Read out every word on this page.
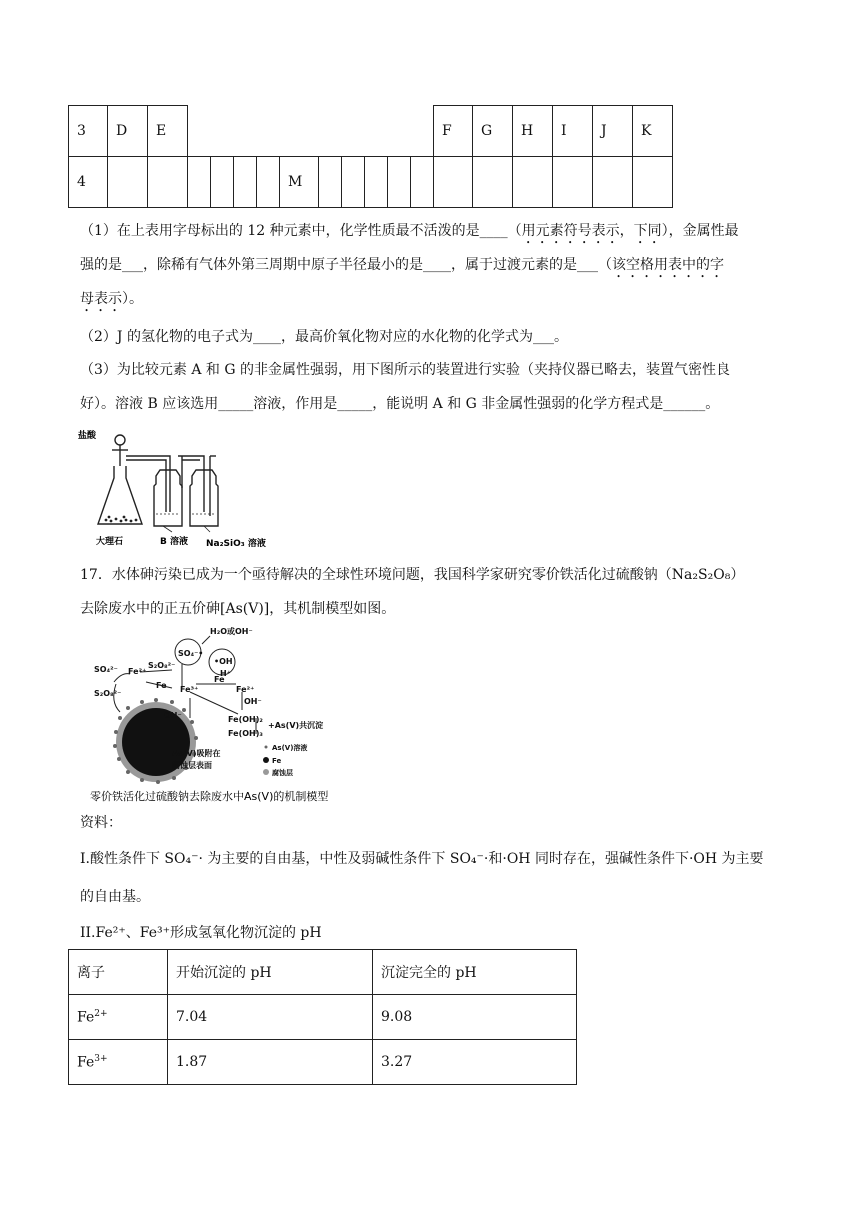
3	D	E											F	G	H	I	J	K
4							M											
（1）在上表用字母标出的 12 种元素中，化学性质最不活泼的是____（用元素符号表示，下同），金属性最
强的是___，除稀有气体外第三周期中原子半径最小的是____，属于过渡元素的是___（该空格用表中的字
母表示）。
（2）J 的氢化物的电子式为____，最高价氧化物对应的水化物的化学式为___。
（3）为比较元素 A 和 G 的非金属性强弱，用下图所示的装置进行实验（夹持仪器已略去，装置气密性良
好）。溶液 B 应该选用_____溶液，作用是_____，能说明 A 和 G 非金属性强弱的化学方程式是______。
盐酸
大理石	B 溶液 Na₂SiO₃ 溶液
17．水体砷污染已成为一个亟待解决的全球性环境问题，我国科学家研究零价铁活化过硫酸钠（Na₂S₂O₈）
去除废水中的正五价砷[As(V)]，其机制模型如图。
H₂O或OH⁻
SO₄⁻•
•OH
H⁺
SO₄²⁻
S₂O₈²⁻
Fe²⁺
S₂O₈²⁻
Fe Fe³⁺
Fe
Fe²⁺
OH⁻
OH⁻	Fe(OH)₂
Fe(OH)₃
+As(V)共沉淀
As(V)吸附在
腐蚀层表面
As(V)溶液
Fe
腐蚀层
零价铁活化过硫酸钠去除废水中As(V)的机制模型
资料：
I.酸性条件下 SO₄⁻· 为主要的自由基，中性及弱碱性条件下 SO₄⁻·和·OH 同时存在，强碱性条件下·OH 为主要
的自由基。
II.Fe²⁺、Fe³⁺形成氢氧化物沉淀的 pH
离子	开始沉淀的 pH	沉淀完全的 pH
$Fe^{2+}$	7.04	9.08
$Fe^{3+}$	1.87	3.27
